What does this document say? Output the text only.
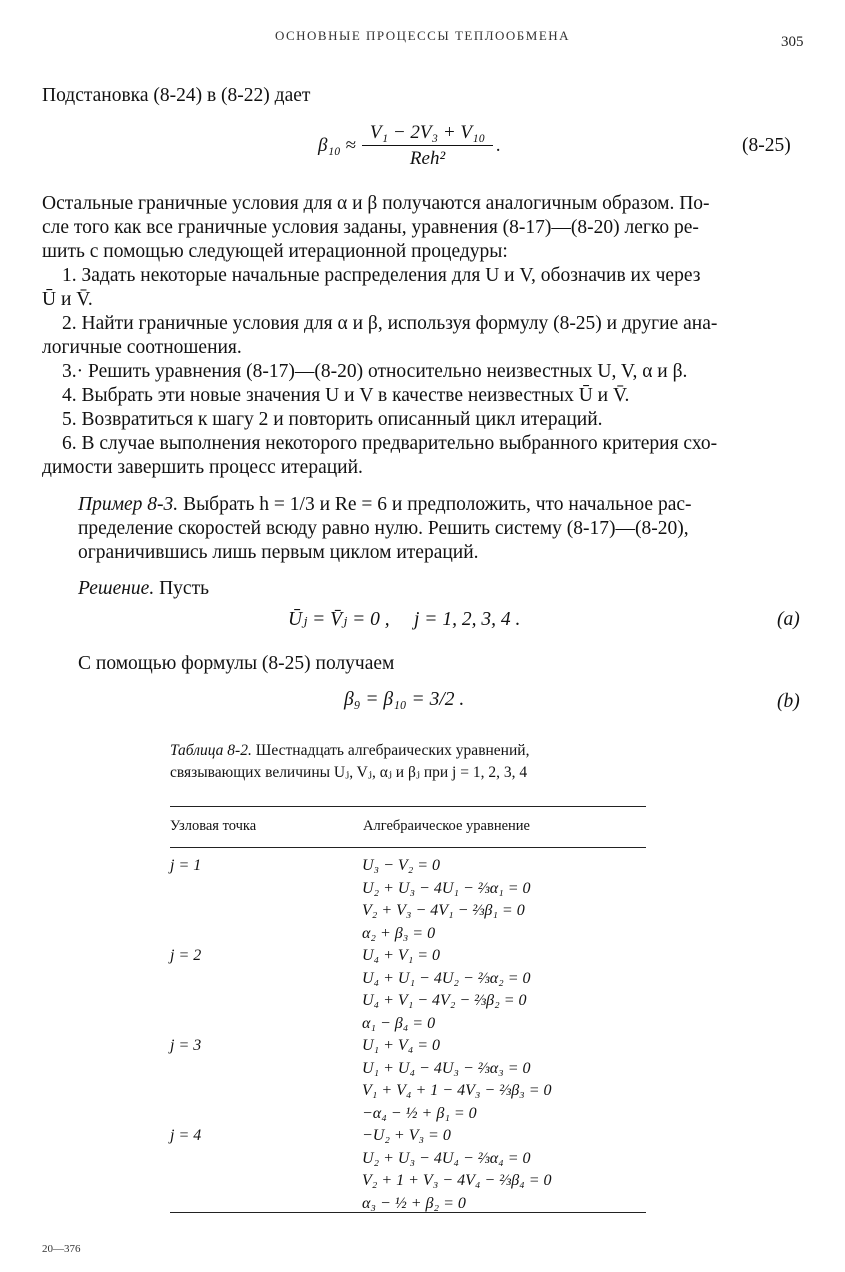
ОСНОВНЫЕ ПРОЦЕССЫ ТЕПЛООБМЕНА	305
Подстановка (8-24) в (8-22) дает
$\beta_{10} \approx \frac{\text{V₁ − 2V₃ + V₁₀}}{\text{Reh²}}$ .	(8-25)
Остальные граничные условия для α и β получаются аналогичным образом. По-
сле того как все граничные условия заданы, уравнения (8-17)—(8-20) легко ре-
шить с помощью следующей итерационной процедуры:
1. Задать некоторые начальные распределения для U и V, обозначив их через
Ū и V̄.
2. Найти граничные условия для α и β, используя формулу (8-25) и другие ана-
логичные соотношения.
3.· Решить уравнения (8-17)—(8-20) относительно неизвестных U, V, α и β.
4. Выбрать эти новые значения U и V в качестве неизвестных Ū и V̄.
5. Возвратиться к шагу 2 и повторить описанный цикл итераций.
6. В случае выполнения некоторого предварительно выбранного критерия схо-
димости завершить процесс итераций.
Пример 8-3. Выбрать h = 1/3 и Re = 6 и предположить, что начальное рас-
пределение скоростей всюду равно нулю. Решить систему (8-17)—(8-20),
ограничившись лишь первым циклом итераций.
Решение. Пусть
Ūⱼ = V̄ⱼ = 0 ,     j = 1, 2, 3, 4 .	(a)
С помощью формулы (8-25) получаем
β₉ = β₁₀ = 3/2 .	(b)
Таблица 8-2. Шестнадцать алгебраических уравнений,
связывающих величины Uⱼ, Vⱼ, αⱼ и βⱼ при j = 1, 2, 3, 4
Узловая точка	Алгебраическое уравнение
j = 1	U₃ − V₂ = 0
U₂ + U₃ − 4U₁ − ⅔α₁ = 0
V₂ + V₃ − 4V₁ − ⅔β₁ = 0
α₂ + β₃ = 0
j = 2	U₄ + V₁ = 0
U₄ + U₁ − 4U₂ − ⅔α₂ = 0
U₄ + V₁ − 4V₂ − ⅔β₂ = 0
α₁ − β₄ = 0
j = 3	U₁ + V₄ = 0
U₁ + U₄ − 4U₃ − ⅔α₃ = 0
V₁ + V₄ + 1 − 4V₃ − ⅔β₃ = 0
−α₄ − ½ + β₁ = 0
j = 4	−U₂ + V₃ = 0
U₂ + U₃ − 4U₄ − ⅔α₄ = 0
V₂ + 1 + V₃ − 4V₄ − ⅔β₄ = 0
α₃ − ½ + β₂ = 0
20—376
